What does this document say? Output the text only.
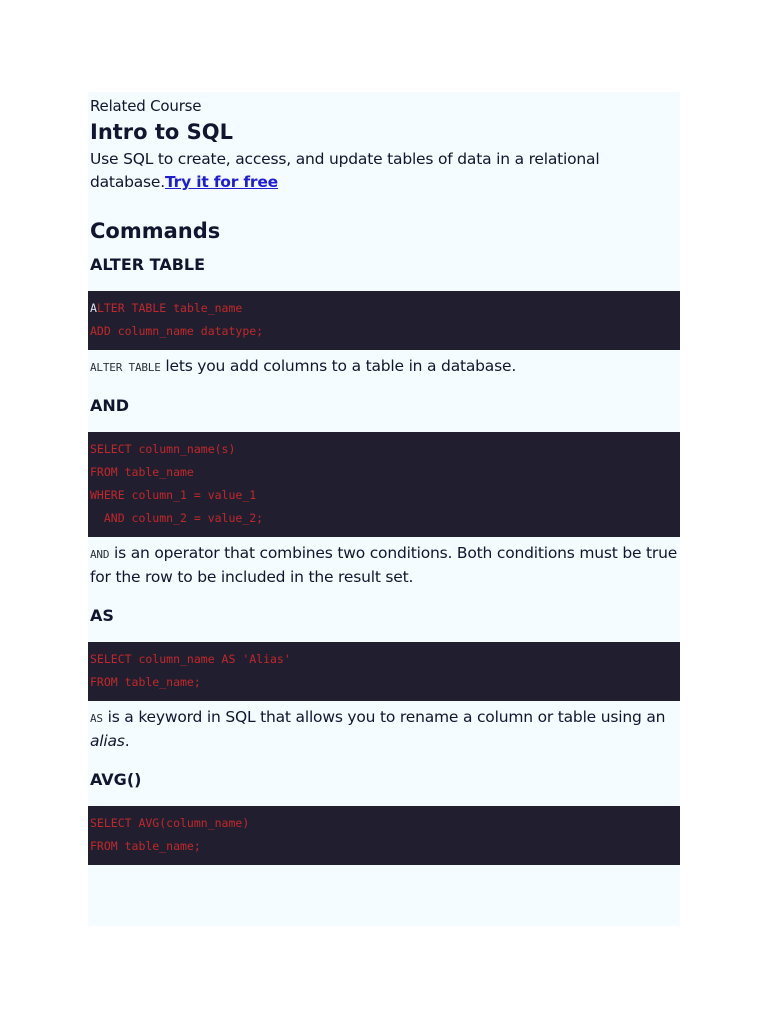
Related Course
Intro to SQL

Use SQL to create, access, and update tables of data in a relational database.Try it for free

Commands
ALTER TABLE
ALTER TABLE table_name
ADD column_name datatype;

ALTER TABLE lets you add columns to a table in a database.

AND
SELECT column_name(s)
FROM table_name
WHERE column_1 = value_1
AND column_2 = value_2;

AND is an operator that combines two conditions. Both conditions must be true for the row to be included in the result set.

AS
SELECT column_name AS 'Alias'
FROM table_name;

AS is a keyword in SQL that allows you to rename a column or table using an alias.

AVG()
SELECT AVG(column_name)
FROM table_name;
